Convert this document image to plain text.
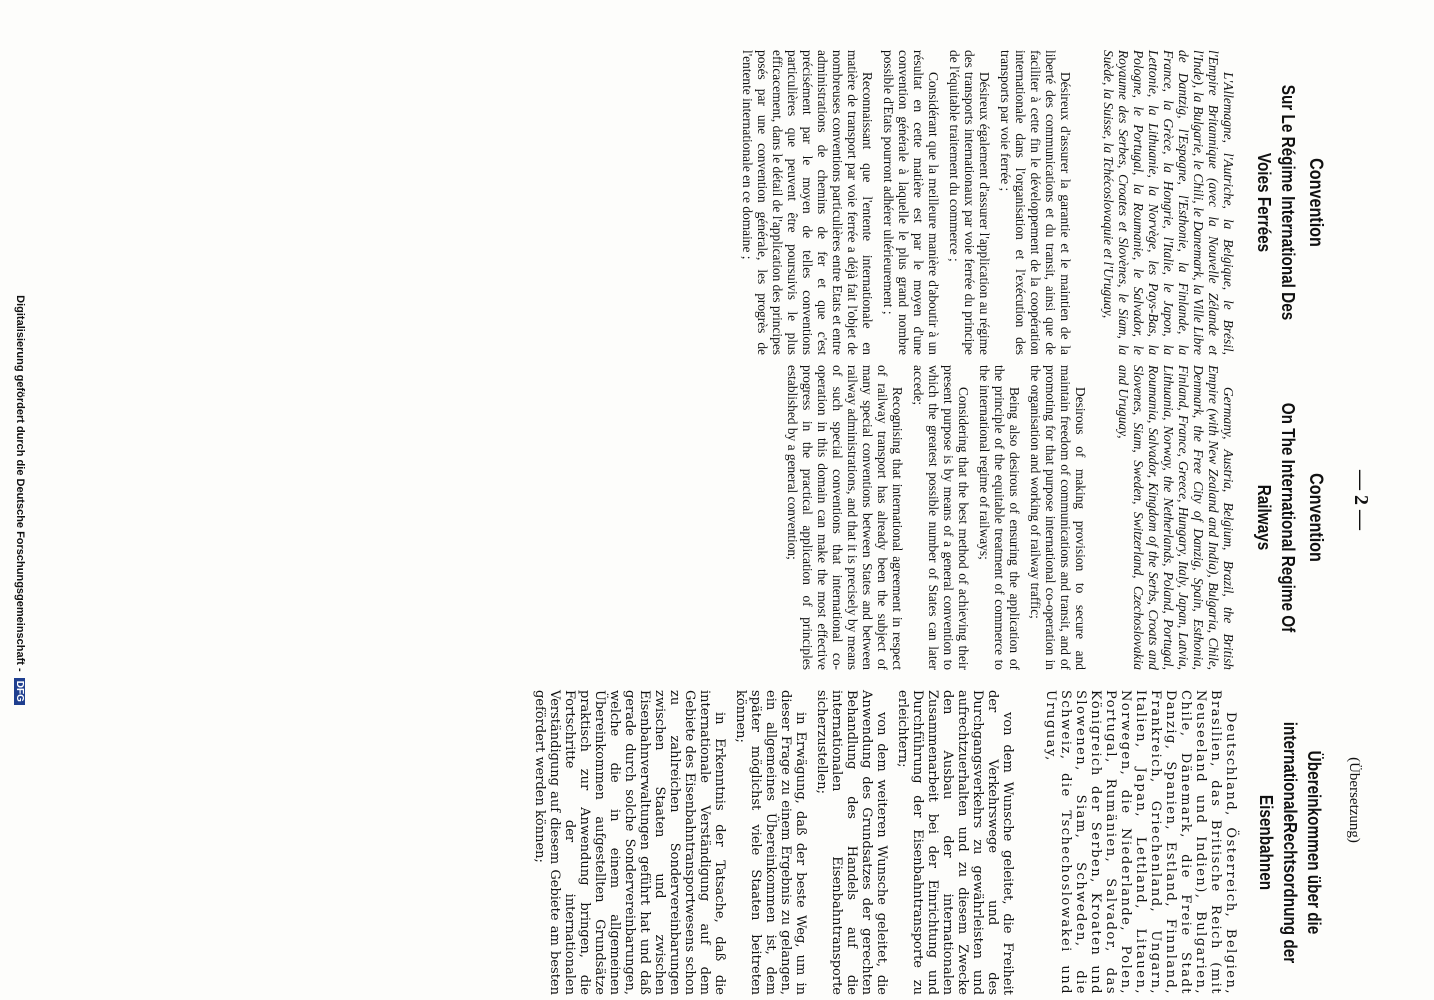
— 2 —
(Übersetzung)
Convention
Sur Le Régime International Des Voies Ferrées
L'Allemagne, l'Autriche, la Belgique, le Brésil, l'Empire Britannique (avec la Nouvelle Zélande et l'Inde), la Bulgarie, le Chili, le Danemark, la Ville Libre de Dantzig, l'Espagne, l'Esthonie, la Finlande, la France, la Grèce, la Hongrie, l'Italie, le Japon, la Lettonie, la Lithuanie, la Norvège, les Pays-Bas, la Pologne, le Portugal, la Roumanie, le Salvador, le Royaume des Serbes, Croates et Slovènes, le Siam, la Suède, la Suisse, la Tchécoslovaquie et l'Uruguay,

Désireux d'assurer la garantie et le maintien de la liberté des communications et du transit, ainsi que de faciliter à cette fin le développement de la coopération internationale dans l'organisation et l'exécution des transports par voie ferrée ;

Désireux également d'assurer l'application au régime des transports internationaux par voie ferrée du principe de l'équitable traitement du commerce ;

Considérant que la meilleure manière d'aboutir à un résultat en cette matière est par le moyen d'une convention générale à laquelle le plus grand nombre possible d'Etats pourront adhérer ultérieurement ;

Reconnaissant que l'entente internationale en matière de transport par voie ferrée a déjà fait l'objet de nombreuses conventions particulières entre Etats et entre administrations de chemins de fer et que c'est précisément par le moyen de telles conventions particulières que peuvent être poursuivis le plus efficacement, dans le détail de l'application des principes posés par une convention générale, les progrès de l'entente internationale en ce domaine ;

Convention
On The International Regime Of Railways
Germany, Austria, Belgium, Brazil, the British Empire (with New Zealand and India), Bulgaria, Chile, Denmark, the Free City of Danzig, Spain, Esthonia, Finland, France, Greece, Hungary, Italy, Japan, Latvia, Lithuania, Norway, the Netherlands, Poland, Portugal, Roumania, Salvador, Kingdom of the Serbs, Croats and Slovenes, Siam, Sweden, Switzerland, Czechoslovakia and Uruguay,

Desirous of making provision to secure and maintain freedom of communications and transit, and of promoting for that purpose international co-operation in the organisation and working of railway traffic;

Being also desirous of ensuring the application of the principle of the equitable treatment of commerce to the international regime of railways;

Considering that the best method of achieving their present purpose is by means of a general convention to which the greatest possible number of States can later accede;

Recognising that international agreement in respect of railway transport has already been the subject of many special conventions between States and between railway administrations, and that it is precisely by means of such special conventions that international co-operation in this domain can make the most effective progress in the practical application of principles established by a general convention;

Übereinkommen über die internationaleRechtsordnung der Eisenbahnen
Deutschland, Österreich, Belgien, Brasilien, das Britische Reich (mit Neuseeland und Indien), Bulgarien, Chile, Dänemark, die Freie Stadt Danzig, Spanien, Estland, Finnland, Frankreich, Griechenland, Ungarn, Italien, Japan, Lettland, Litauen, Norwegen, die Niederlande, Polen, Portugal, Rumänien, Salvador, das Königreich der Serben, Kroaten und Slowenen, Siam, Schweden, die Schweiz, die Tschechoslowakei und Uruguay,

von dem Wunsche geleitet, die Freiheit der Verkehrswege und des Durchgangsverkehrs zu gewährleisten und aufrechtzuerhalten und zu diesem Zwecke den Ausbau der internationalen Zusammenarbeit bei der Einrichtung und Durchführung der Eisenbahntransporte zu erleichtern;

von dem weiteren Wunsche geleitet, die Anwendung des Grundsatzes der gerechten Behandlung des Handels auf die internationalen Eisenbahntransporte sicherzustellen;

in Erwägung, daß der beste Weg, um in dieser Frage zu einem Ergebnis zu gelangen, ein allgemeines Übereinkommen ist, dem später möglichst viele Staaten beitreten können;

in Erkenntnis der Tatsache, daß die internationale Verständigung auf dem Gebiete des Eisenbahntransportwesens schon zu zahlreichen Sondervereinbarungen zwischen Staaten und zwischen Eisenbahnverwaltungen geführt hat und daß gerade durch solche Sondervereinbarungen, welche die in einem allgemeinen Übereinkommen aufgestellten Grundsätze praktisch zur Anwendung bringen, die Fortschritte der internationalen Verständigung auf diesem Gebiete am besten gefördert werden können;

Digitalisierung gefördert durch die Deutsche Forschungsgemeinschaft - DFG
